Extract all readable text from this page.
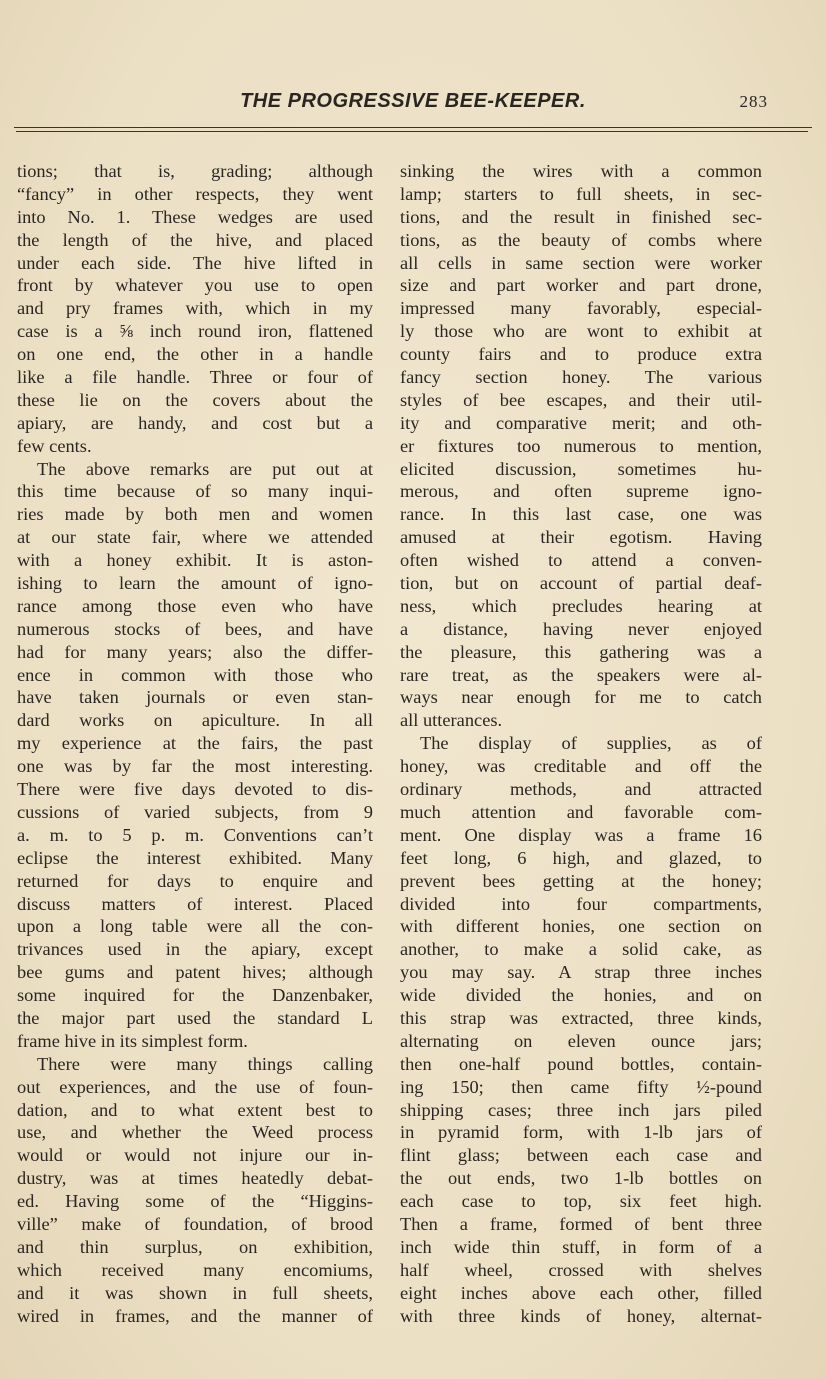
THE PROGRESSIVE BEE-KEEPER.	283
tions; that is, grading; although
“fancy” in other respects, they went
into No. 1. These wedges are used
the length of the hive, and placed
under each side. The hive lifted in
front by whatever you use to open
and pry frames with, which in my
case is a ⅝ inch round iron, flattened
on one end, the other in a handle
like a file handle. Three or four of
these lie on the covers about the
apiary, are handy, and cost but a
few cents.
The above remarks are put out at
this time because of so many inqui-
ries made by both men and women
at our state fair, where we attended
with a honey exhibit. It is aston-
ishing to learn the amount of igno-
rance among those even who have
numerous stocks of bees, and have
had for many years; also the differ-
ence in common with those who
have taken journals or even stan-
dard works on apiculture. In all
my experience at the fairs, the past
one was by far the most interesting.
There were five days devoted to dis-
cussions of varied subjects, from 9
a. m. to 5 p. m. Conventions can’t
eclipse the interest exhibited. Many
returned for days to enquire and
discuss matters of interest. Placed
upon a long table were all the con-
trivances used in the apiary, except
bee gums and patent hives; although
some inquired for the Danzenbaker,
the major part used the standard L
frame hive in its simplest form.
There were many things calling
out experiences, and the use of foun-
dation, and to what extent best to
use, and whether the Weed process
would or would not injure our in-
dustry, was at times heatedly debat-
ed. Having some of the “Higgins-
ville” make of foundation, of brood
and thin surplus, on exhibition,
which received many encomiums,
and it was shown in full sheets,
wired in frames, and the manner of
sinking the wires with a common
lamp; starters to full sheets, in sec-
tions, and the result in finished sec-
tions, as the beauty of combs where
all cells in same section were worker
size and part worker and part drone,
impressed many favorably, especial-
ly those who are wont to exhibit at
county fairs and to produce extra
fancy section honey. The various
styles of bee escapes, and their util-
ity and comparative merit; and oth-
er fixtures too numerous to mention,
elicited discussion, sometimes hu-
merous, and often supreme igno-
rance. In this last case, one was
amused at their egotism. Having
often wished to attend a conven-
tion, but on account of partial deaf-
ness, which precludes hearing at
a distance, having never enjoyed
the pleasure, this gathering was a
rare treat, as the speakers were al-
ways near enough for me to catch
all utterances.
The display of supplies, as of
honey, was creditable and off the
ordinary methods, and attracted
much attention and favorable com-
ment. One display was a frame 16
feet long, 6 high, and glazed, to
prevent bees getting at the honey;
divided into four compartments,
with different honies, one section on
another, to make a solid cake, as
you may say. A strap three inches
wide divided the honies, and on
this strap was extracted, three kinds,
alternating on eleven ounce jars;
then one-half pound bottles, contain-
ing 150; then came fifty ½-pound
shipping cases; three inch jars piled
in pyramid form, with 1-lb jars of
flint glass; between each case and
the out ends, two 1-lb bottles on
each case to top, six feet high.
Then a frame, formed of bent three
inch wide thin stuff, in form of a
half wheel, crossed with shelves
eight inches above each other, filled
with three kinds of honey, alternat-
